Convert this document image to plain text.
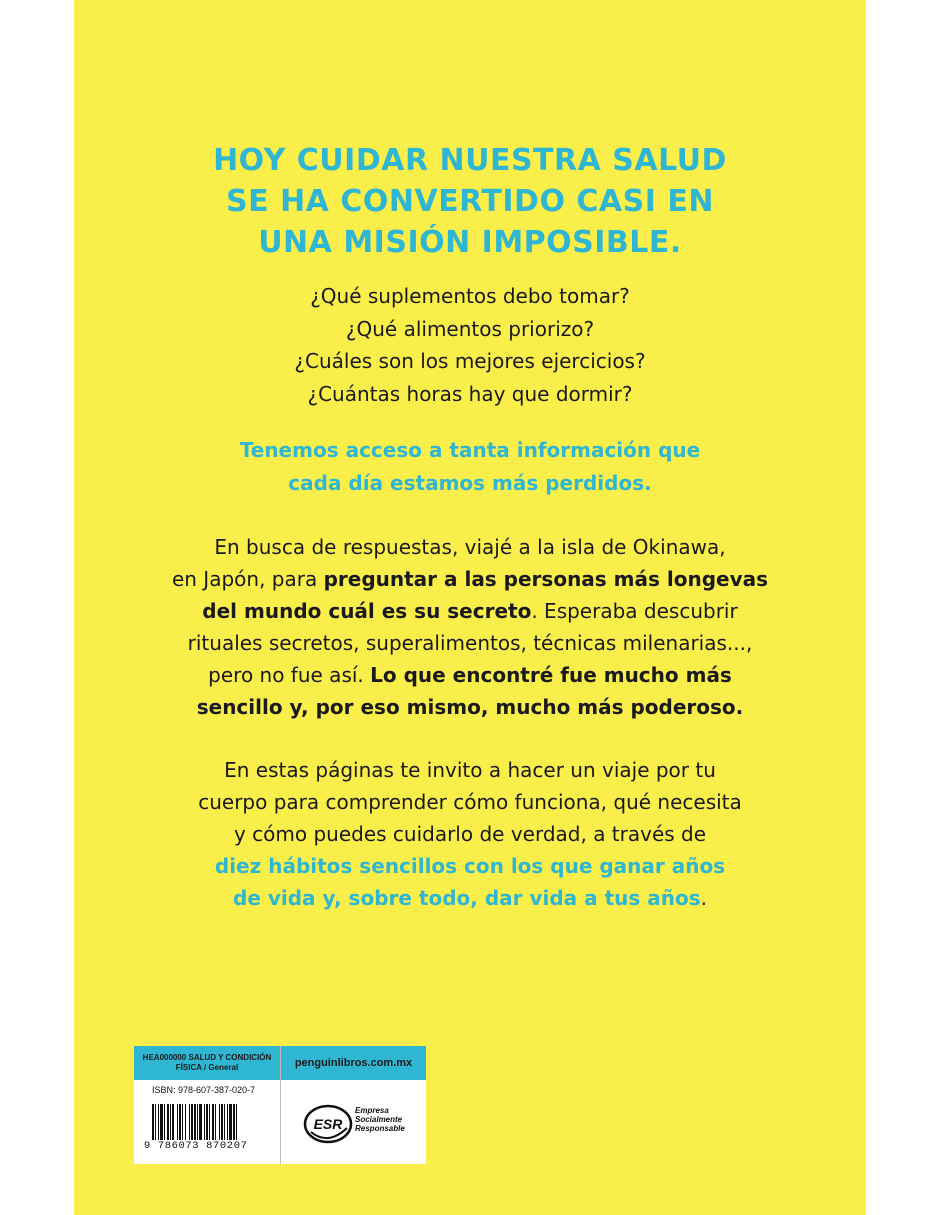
HOY CUIDAR NUESTRA SALUD
SE HA CONVERTIDO CASI EN
UNA MISIÓN IMPOSIBLE.
¿Qué suplementos debo tomar?
¿Qué alimentos priorizo?
¿Cuáles son los mejores ejercicios?
¿Cuántas horas hay que dormir?
Tenemos acceso a tanta información que
cada día estamos más perdidos.
En busca de respuestas, viajé a la isla de Okinawa,
en Japón, para preguntar a las personas más longevas
del mundo cuál es su secreto. Esperaba descubrir
rituales secretos, superalimentos, técnicas milenarias...,
pero no fue así. Lo que encontré fue mucho más
sencillo y, por eso mismo, mucho más poderoso.
En estas páginas te invito a hacer un viaje por tu
cuerpo para comprender cómo funciona, qué necesita
y cómo puedes cuidarlo de verdad, a través de
diez hábitos sencillos con los que ganar años
de vida y, sobre todo, dar vida a tus años.
HEA000000 SALUD Y CONDICIÓN
FÍSICA / General
ISBN: 978-607-387-020-7
9 786073 870207
penguinlibros.com.mx
ESR
Empresa
Socialmente
Responsable
